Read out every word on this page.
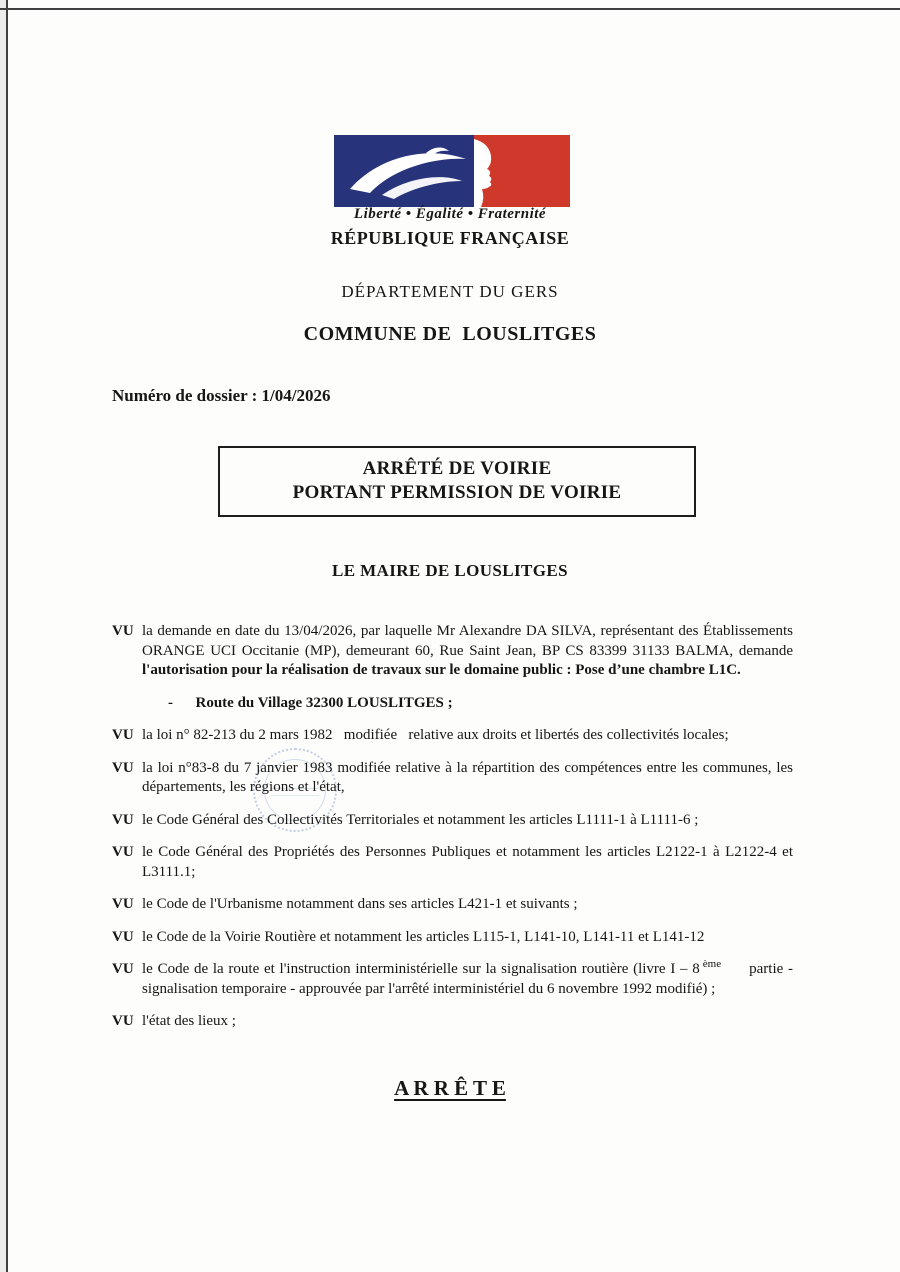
Liberté • Égalité • Fraternité
RÉPUBLIQUE FRANÇAISE
DÉPARTEMENT DU GERS
COMMUNE DE  LOUSLITGES
Numéro de dossier : 1/04/2026
ARRÊTÉ DE VOIRIE
PORTANT PERMISSION DE VOIRIE
LE MAIRE DE LOUSLITGES
VU la demande en date du 13/04/2026, par laquelle Mr Alexandre DA SILVA, représentant des Établissements ORANGE UCI Occitanie (MP), demeurant 60, Rue Saint Jean, BP CS 83399 31133 BALMA, demande l'autorisation pour la réalisation de travaux sur le domaine public : Pose d’une chambre L1C.
-   Route du Village 32300 LOUSLITGES ;
VU la loi n° 82-213 du 2 mars 1982  modifiée  relative aux droits et libertés des collectivités locales;
VU la loi n°83-8 du 7 janvier 1983 modifiée relative à la répartition des compétences entre les communes, les départements, les régions et l'état,
VU le Code Général des Collectivités Territoriales et notamment les articles L1111-1 à L1111-6 ;
VU le Code Général des Propriétés des Personnes Publiques et notamment les articles L2122-1 à L2122-4 et L3111.1;
VU le Code de l'Urbanisme notamment dans ses articles L421-1 et suivants ;
VU le Code de la Voirie Routière et notamment les articles L115-1, L141-10, L141-11 et L141-12
VU le Code de la route et l'instruction interministérielle sur la signalisation routière (livre I – 8 $^{ème}$ partie - signalisation temporaire - approuvée par l'arrêté interministériel du 6 novembre 1992 modifié) ;
VU l'état des lieux ;
A R R Ê T E
